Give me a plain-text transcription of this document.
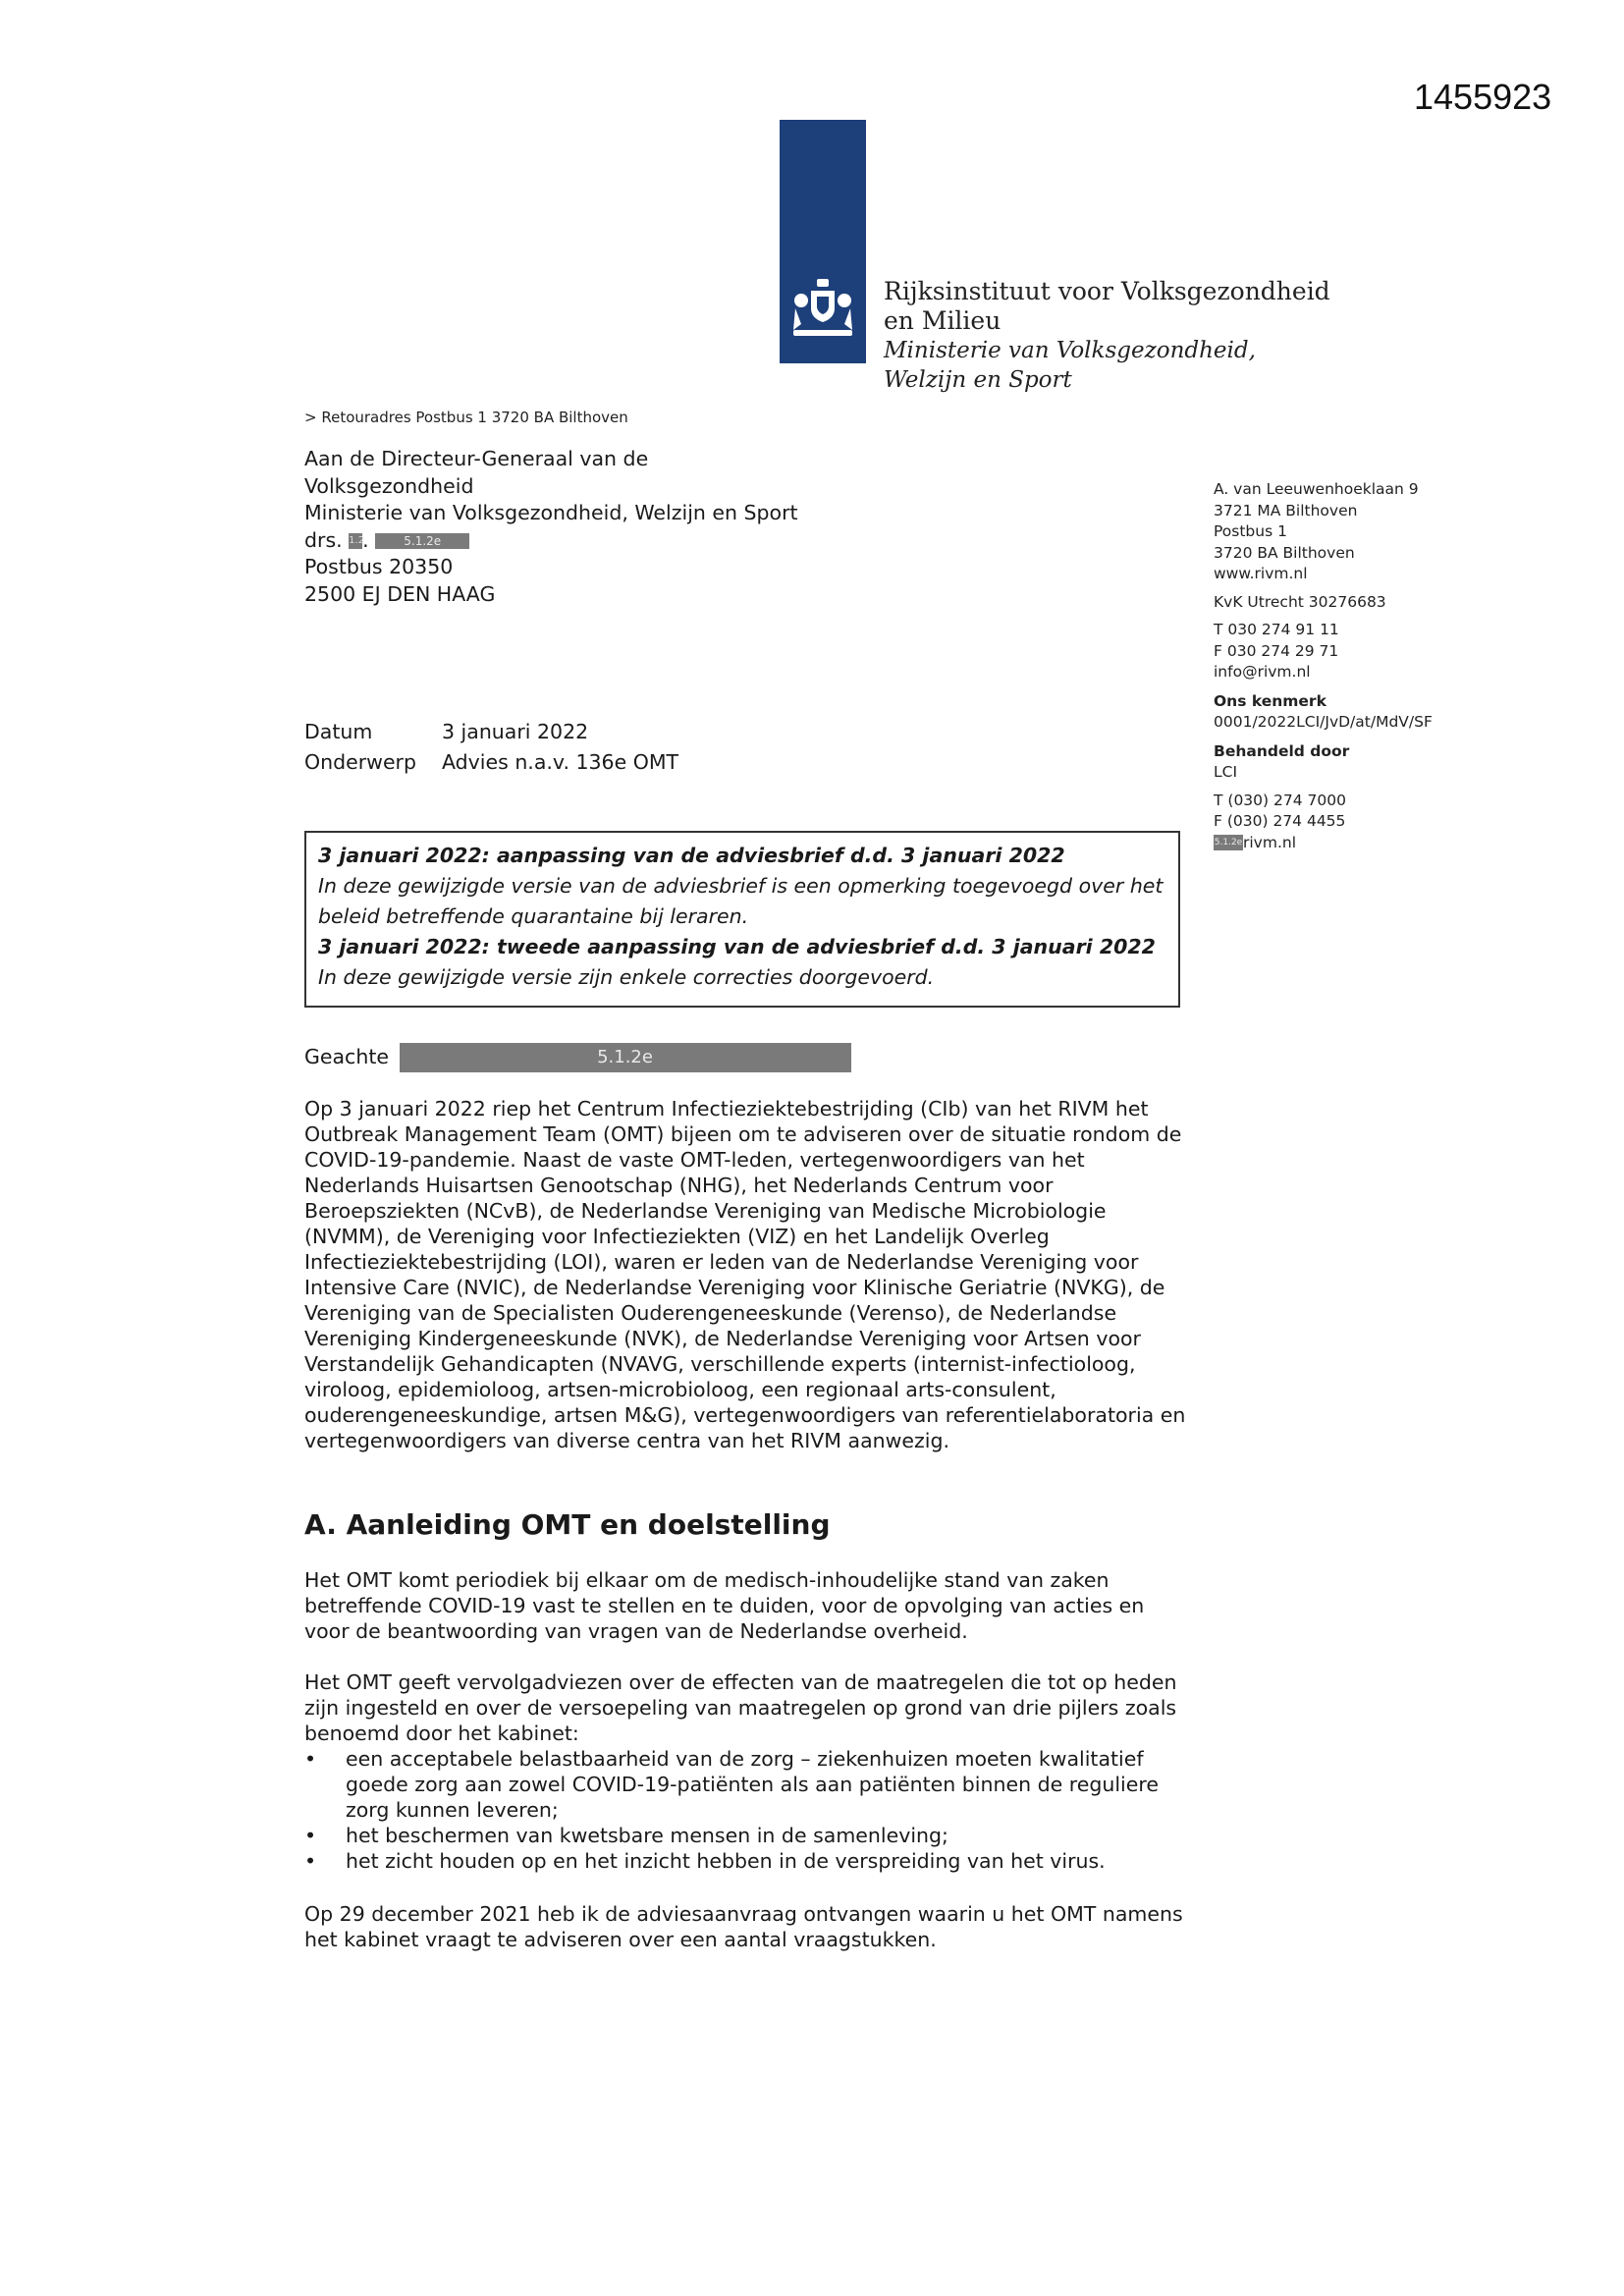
1455923
Rijksinstituut voor Volksgezondheid
en Milieu
Ministerie van Volksgezondheid,
Welzijn en Sport
> Retouradres Postbus 1 3720 BA Bilthoven
Aan de Directeur-Generaal van de
Volksgezondheid
Ministerie van Volksgezondheid, Welzijn en Sport
drs. 1.2. 5.1.2e
Postbus 20350
2500 EJ DEN HAAG
A. van Leeuwenhoeklaan 9
3721 MA Bilthoven
Postbus 1
3720 BA Bilthoven
www.rivm.nl
KvK Utrecht 30276683
T 030 274 91 11
F 030 274 29 71
info@rivm.nl
Ons kenmerk
0001/2022LCI/JvD/at/MdV/SF
Behandeld door
LCI
T (030) 274 7000
F (030) 274 4455
5.1.2erivm.nl
Datum	3 januari 2022
Onderwerp Advies n.a.v. 136e OMT
3 januari 2022: aanpassing van de adviesbrief d.d. 3 januari 2022
In deze gewijzigde versie van de adviesbrief is een opmerking toegevoegd over het beleid betreffende quarantaine bij leraren.
3 januari 2022: tweede aanpassing van de adviesbrief d.d. 3 januari 2022
In deze gewijzigde versie zijn enkele correcties doorgevoerd.
Geachte	5.1.2e
Op 3 januari 2022 riep het Centrum Infectieziektebestrijding (CIb) van het RIVM het Outbreak Management Team (OMT) bijeen om te adviseren over de situatie rondom de COVID-19-pandemie. Naast de vaste OMT-leden, vertegenwoordigers van het Nederlands Huisartsen Genootschap (NHG), het Nederlands Centrum voor Beroepsziekten (NCvB), de Nederlandse Vereniging van Medische Microbiologie (NVMM), de Vereniging voor Infectieziekten (VIZ) en het Landelijk Overleg Infectieziektebestrijding (LOI), waren er leden van de Nederlandse Vereniging voor Intensive Care (NVIC), de Nederlandse Vereniging voor Klinische Geriatrie (NVKG), de Vereniging van de Specialisten Ouderengeneeskunde (Verenso), de Nederlandse Vereniging Kindergeneeskunde (NVK), de Nederlandse Vereniging voor Artsen voor Verstandelijk Gehandicapten (NVAVG, verschillende experts (internist-infectioloog, viroloog, epidemioloog, artsen-microbioloog, een regionaal arts-consulent, ouderengeneeskundige, artsen M&G), vertegenwoordigers van referentielaboratoria en vertegenwoordigers van diverse centra van het RIVM aanwezig.
A. Aanleiding OMT en doelstelling
Het OMT komt periodiek bij elkaar om de medisch-inhoudelijke stand van zaken betreffende COVID-19 vast te stellen en te duiden, voor de opvolging van acties en voor de beantwoording van vragen van de Nederlandse overheid.
Het OMT geeft vervolgadviezen over de effecten van de maatregelen die tot op heden zijn ingesteld en over de versoepeling van maatregelen op grond van drie pijlers zoals benoemd door het kabinet:
• een acceptabele belastbaarheid van de zorg – ziekenhuizen moeten kwalitatief goede zorg aan zowel COVID-19-patiënten als aan patiënten binnen de reguliere zorg kunnen leveren;
• het beschermen van kwetsbare mensen in de samenleving;
• het zicht houden op en het inzicht hebben in de verspreiding van het virus.
Op 29 december 2021 heb ik de adviesaanvraag ontvangen waarin u het OMT namens het kabinet vraagt te adviseren over een aantal vraagstukken.
